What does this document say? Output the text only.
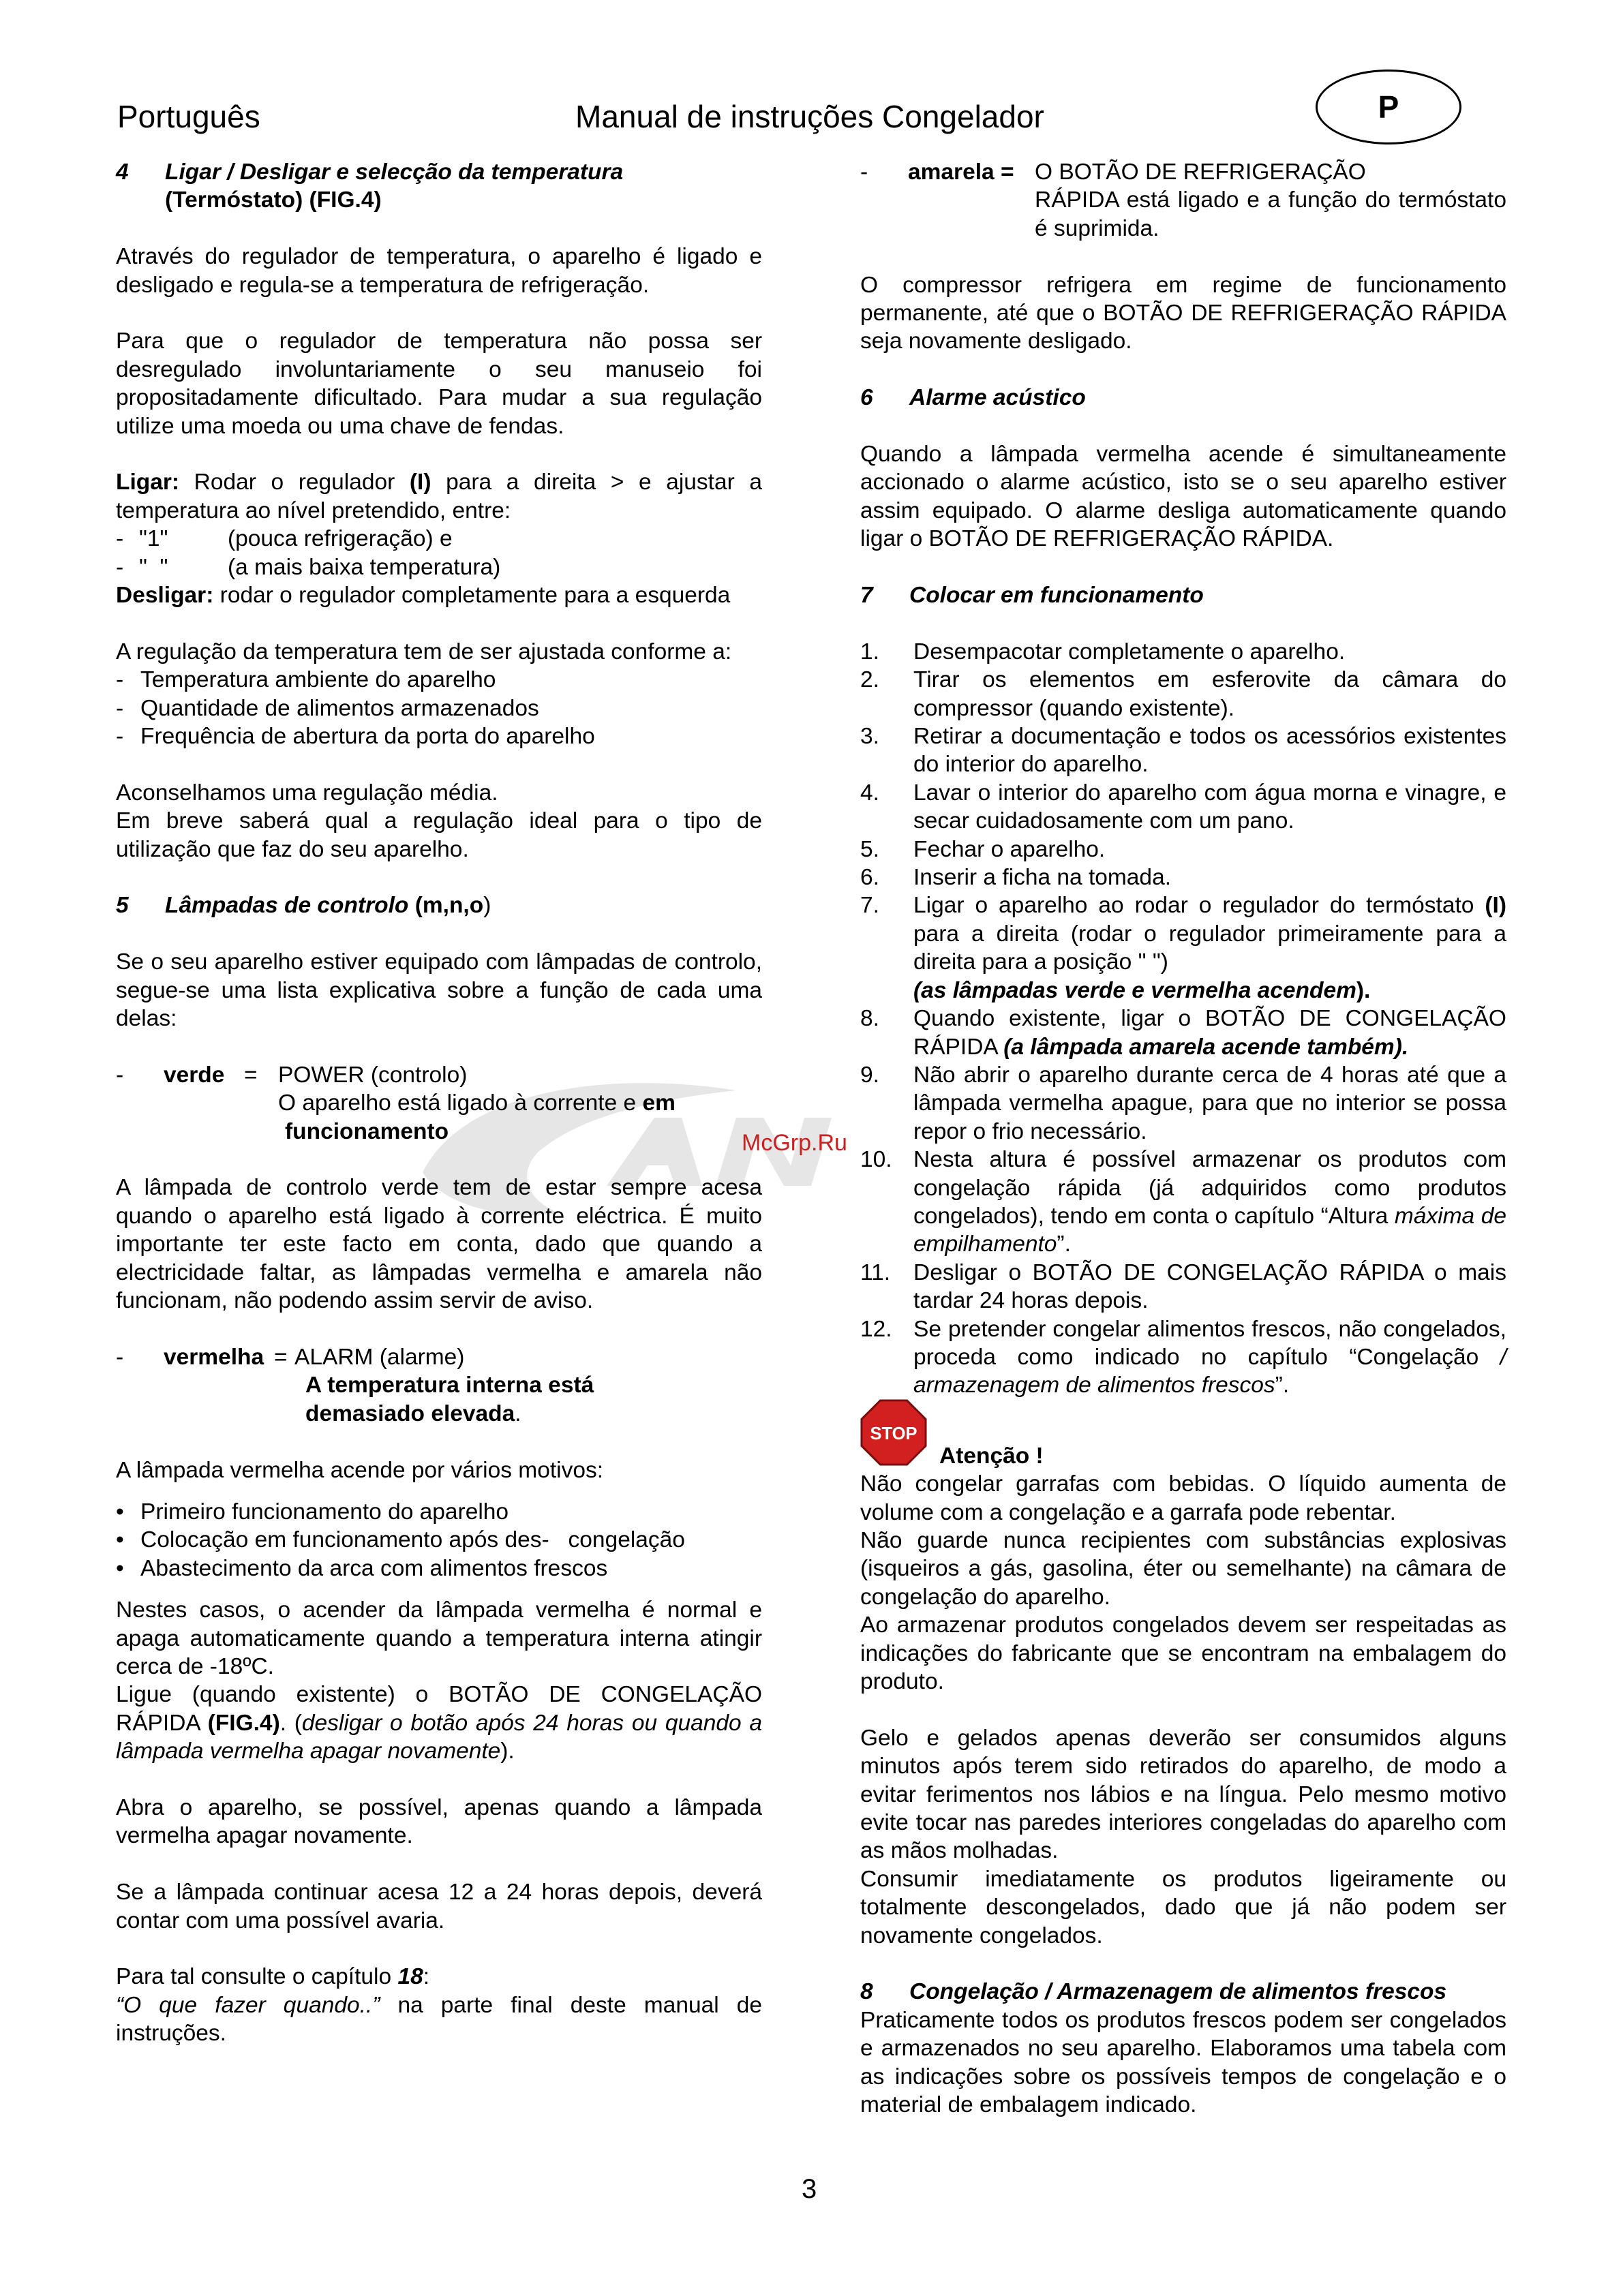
Português	Manual de instruções Congelador	P
McGrp.Ru
4	Ligar / Desligar e selecção da temperatura

(Termóstato) (FIG.4)

Através do regulador de temperatura, o aparelho é ligado e desligado e regula-se a temperatura de refrigeração.

Para que o regulador de temperatura não possa ser desregulado involuntariamente o seu manuseio foi propositadamente dificultado. Para mudar a sua regulação utilize uma moeda ou uma chave de fendas.

Ligar: Rodar o regulador (I) para a direita > e ajustar a temperatura ao nível pretendido, entre:

- "1"	(pouca refrigeração) e
- "  "	(a mais baixa temperatura)

Desligar: rodar o regulador completamente para a esquerda

A regulação da temperatura tem de ser ajustada conforme a:

- Temperatura ambiente do aparelho
- Quantidade de alimentos armazenados
- Frequência de abertura da porta do aparelho

Aconselhamos uma regulação média.

Em breve saberá qual a regulação ideal para o tipo de utilização que faz do seu aparelho.

5	Lâmpadas de controlo
(m,n,o )

Se o seu aparelho estiver equipado com lâmpadas de controlo, segue-se uma lista explicativa sobre a função de cada uma delas:

-	verde = POWER (controlo)

O aparelho está ligado à corrente e em

funcionamento

A lâmpada de controlo verde tem de estar sempre acesa quando o aparelho está ligado à corrente eléctrica. É muito importante ter este facto em conta, dado que quando a electricidade faltar, as lâmpadas vermelha e amarela não funcionam, não podendo assim servir de aviso.

-	vermelha = ALARM (alarme)

A temperatura interna está

demasiado elevada.

A lâmpada vermelha acende por vários motivos:

• Primeiro funcionamento do aparelho
• Colocação em funcionamento após des-   congelação
• Abastecimento da arca com alimentos frescos

Nestes casos, o acender da lâmpada vermelha é normal e apaga automaticamente quando a temperatura interna atingir cerca de -18ºC.

Ligue (quando existente) o BOTÃO DE CONGELAÇÃO RÁPIDA (FIG.4). (desligar o botão após 24 horas ou quando a lâmpada vermelha apagar novamente).

Abra o aparelho, se possível, apenas quando a lâmpada vermelha apagar novamente.

Se a lâmpada continuar acesa 12 a 24 horas depois, deverá contar com uma possível avaria.

Para tal consulte o capítulo 18:

“O que fazer quando..” na parte final deste manual de instruções.

-	amarela = O BOTÃO DE REFRIGERAÇÃO

RÁPIDA está ligado e a função do termóstato é suprimida.

O compressor refrigera em regime de funcionamento permanente, até que o BOTÃO DE REFRIGERAÇÃO RÁPIDA seja novamente desligado.

6	Alarme acústico

Quando a lâmpada vermelha acende é simultaneamente accionado o alarme acústico, isto se o seu aparelho estiver assim equipado. O alarme desliga automaticamente quando ligar o BOTÃO DE REFRIGERAÇÃO RÁPIDA.

7	Colocar em funcionamento
1.	Desempacotar completamente o aparelho.
2.	Tirar os elementos em esferovite da câmara do compressor (quando existente).
3.	Retirar a documentação e todos os acessórios existentes do interior do aparelho.
4.	Lavar o interior do aparelho com água morna e vinagre, e secar cuidadosamente com um pano.
5.	Fechar o aparelho.
6.	Inserir a ficha na tomada.
7.	Ligar o aparelho ao rodar o regulador do termóstato (I) para a direita (rodar o regulador primeiramente para a direita para a posição " ")
(as lâmpadas verde e vermelha acendem).
8.	Quando existente, ligar o BOTÃO DE CONGELAÇÃO RÁPIDA (a lâmpada amarela acende também).
9.	Não abrir o aparelho durante cerca de 4 horas até que a lâmpada vermelha apague, para que no interior se possa repor o frio necessário.
10. Nesta altura é possível armazenar os produtos com congelação rápida (já adquiridos como produtos congelados), tendo em conta o capítulo “Altura máxima de empilhamento”.
11.	Desligar o BOTÃO DE CONGELAÇÃO RÁPIDA o mais tardar 24 horas depois.
12. Se pretender congelar alimentos frescos, não congelados, proceda como indicado no capítulo “Congelação / armazenagem de alimentos frescos”.

Atenção !

Não congelar garrafas com bebidas. O líquido aumenta de volume com a congelação e a garrafa pode rebentar.

Não guarde nunca recipientes com substâncias explosivas (isqueiros a gás, gasolina, éter ou semelhante) na câmara de congelação do aparelho.

Ao armazenar produtos congelados devem ser respeitadas as indicações do fabricante que se encontram na embalagem do produto.

Gelo e gelados apenas deverão ser consumidos alguns minutos após terem sido retirados do aparelho, de modo a evitar ferimentos nos lábios e na língua. Pelo mesmo motivo evite tocar nas paredes interiores congeladas do aparelho com as mãos molhadas.

Consumir imediatamente os produtos ligeiramente ou totalmente descongelados, dado que já não podem ser novamente congelados.

8	Congelação / Armazenagem de alimentos frescos

Praticamente todos os produtos frescos podem ser congelados e armazenados no seu aparelho. Elaboramos uma tabela com as indicações sobre os possíveis tempos de congelação e o material de embalagem indicado.

STOP
3
